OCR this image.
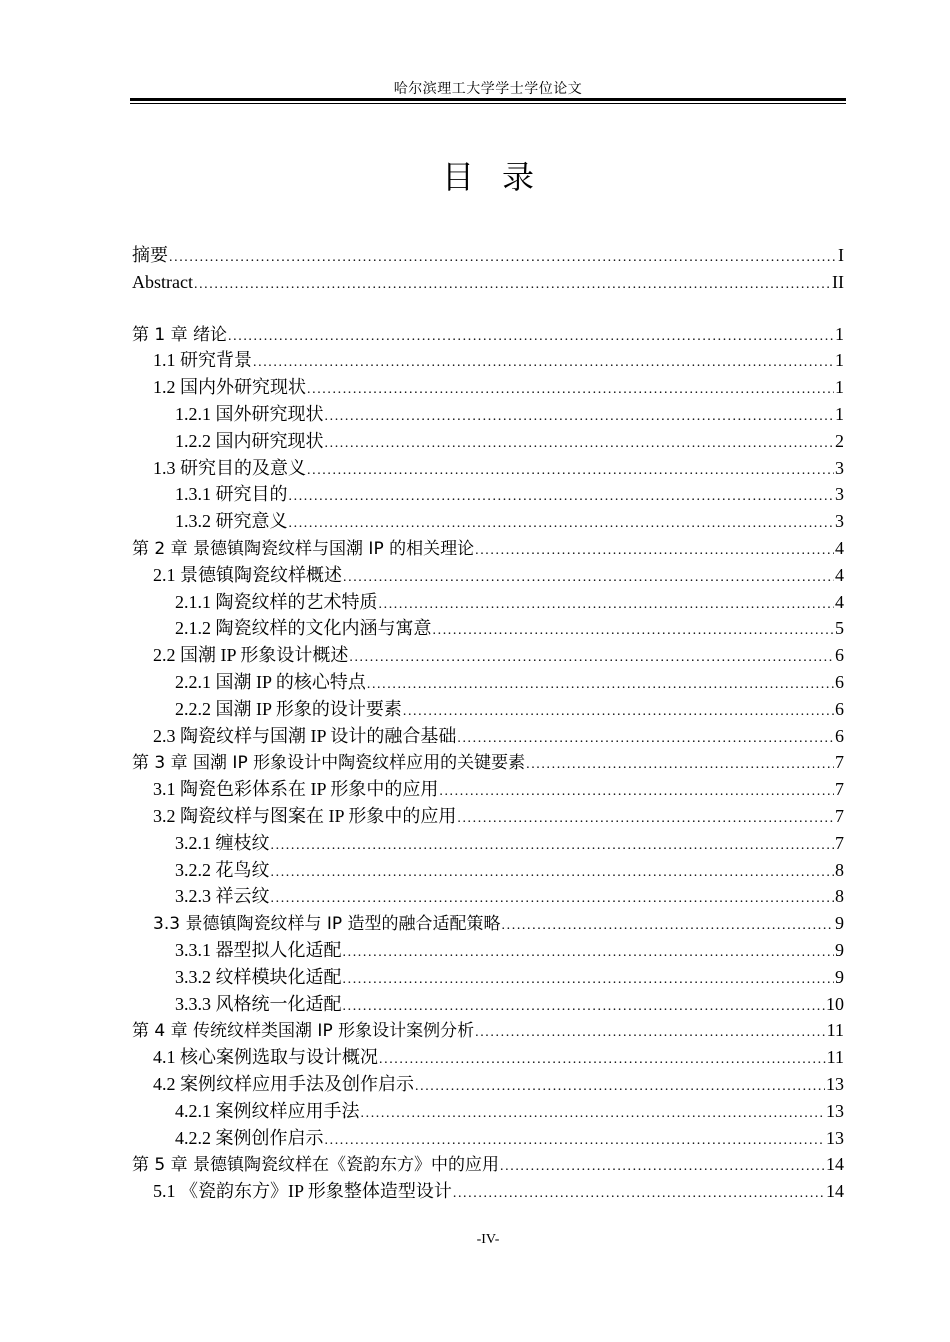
哈尔滨理工大学学士学位论文
目录
摘要 .....	I
Abstract .....	II
第 1 章 绪论 .....	1
1.1 研究背景 .....	1
1.2 国内外研究现状 .....	1
1.2.1 国外研究现状 .....	1
1.2.2 国内研究现状 .....	2
1.3 研究目的及意义 .....	3
1.3.1 研究目的 .....	3
1.3.2 研究意义 .....	3
第 2 章 景德镇陶瓷纹样与国潮 IP 的相关理论 .....	4
2.1 景德镇陶瓷纹样概述 .....	4
2.1.1 陶瓷纹样的艺术特质 .....	4
2.1.2 陶瓷纹样的文化内涵与寓意 .....	5
2.2 国潮 IP 形象设计概述 .....	6
2.2.1 国潮 IP 的核心特点 .....	6
2.2.2 国潮 IP 形象的设计要素 .....	6
2.3 陶瓷纹样与国潮 IP 设计的融合基础 .....	6
第 3 章 国潮 IP 形象设计中陶瓷纹样应用的关键要素 .....	7
3.1 陶瓷色彩体系在 IP 形象中的应用 .....	7
3.2 陶瓷纹样与图案在 IP 形象中的应用 .....	7
3.2.1 缠枝纹 .....	7
3.2.2 花鸟纹 .....	8
3.2.3 祥云纹 .....	8
3.3 景德镇陶瓷纹样与 IP 造型的融合适配策略 .....	9
3.3.1 器型拟人化适配 .....	9
3.3.2 纹样模块化适配 .....	9
3.3.3 风格统一化适配 .....	10
第 4 章 传统纹样类国潮 IP 形象设计案例分析 .....	11
4.1 核心案例选取与设计概况 .....	11
4.2 案例纹样应用手法及创作启示 .....	13
4.2.1 案例纹样应用手法 .....	13
4.2.2 案例创作启示 .....	13
第 5 章 景德镇陶瓷纹样在《瓷韵东方》中的应用 .....	14
5.1 《瓷韵东方》IP 形象整体造型设计 .....	14
-IV-
